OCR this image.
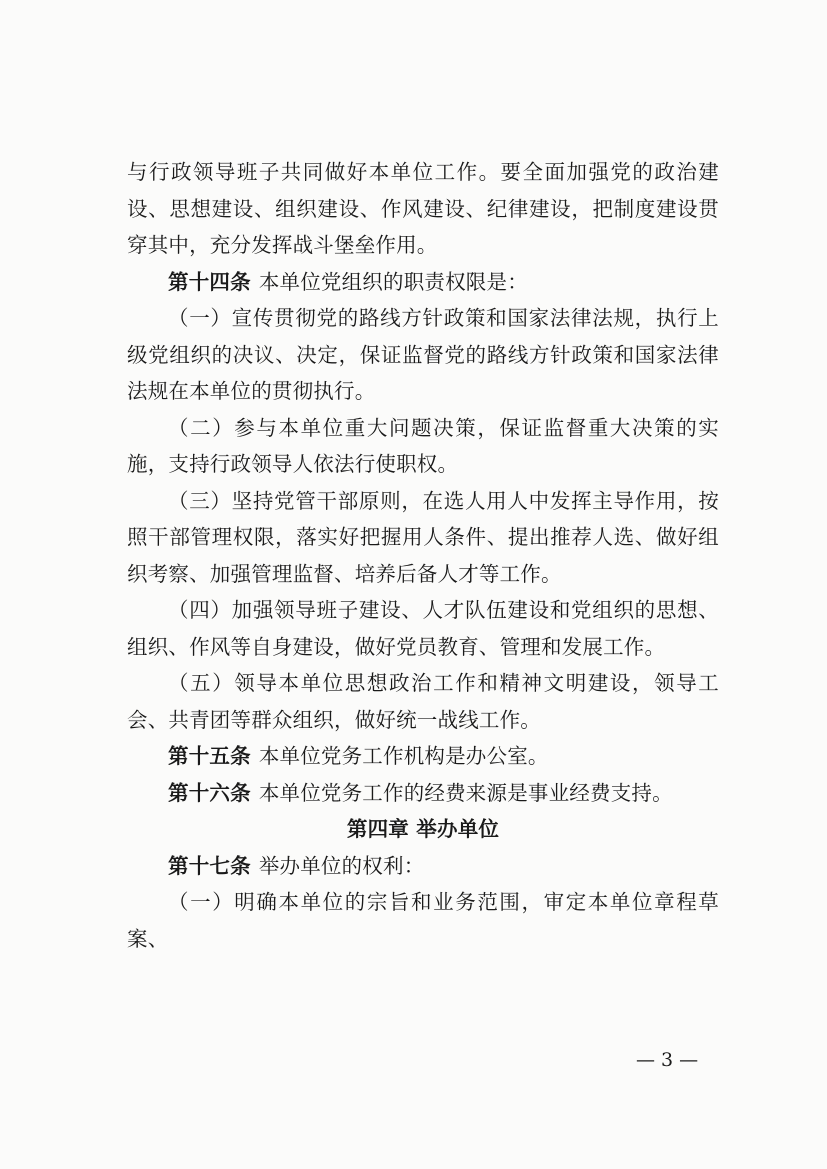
与行政领导班子共同做好本单位工作。要全面加强党的政治建设、思想建设、组织建设、作风建设、纪律建设，把制度建设贯穿其中，充分发挥战斗堡垒作用。

第十四条 本单位党组织的职责权限是：

（一）宣传贯彻党的路线方针政策和国家法律法规，执行上级党组织的决议、决定，保证监督党的路线方针政策和国家法律法规在本单位的贯彻执行。

（二）参与本单位重大问题决策，保证监督重大决策的实施，支持行政领导人依法行使职权。

（三）坚持党管干部原则，在选人用人中发挥主导作用，按照干部管理权限，落实好把握用人条件、提出推荐人选、做好组织考察、加强管理监督、培养后备人才等工作。

（四）加强领导班子建设、人才队伍建设和党组织的思想、组织、作风等自身建设，做好党员教育、管理和发展工作。

（五）领导本单位思想政治工作和精神文明建设，领导工会、共青团等群众组织，做好统一战线工作。

第十五条 本单位党务工作机构是办公室。

第十六条 本单位党务工作的经费来源是事业经费支持。

第四章 举办单位

第十七条 举办单位的权利：

（一）明确本单位的宗旨和业务范围，审定本单位章程草案、

— 3 —
